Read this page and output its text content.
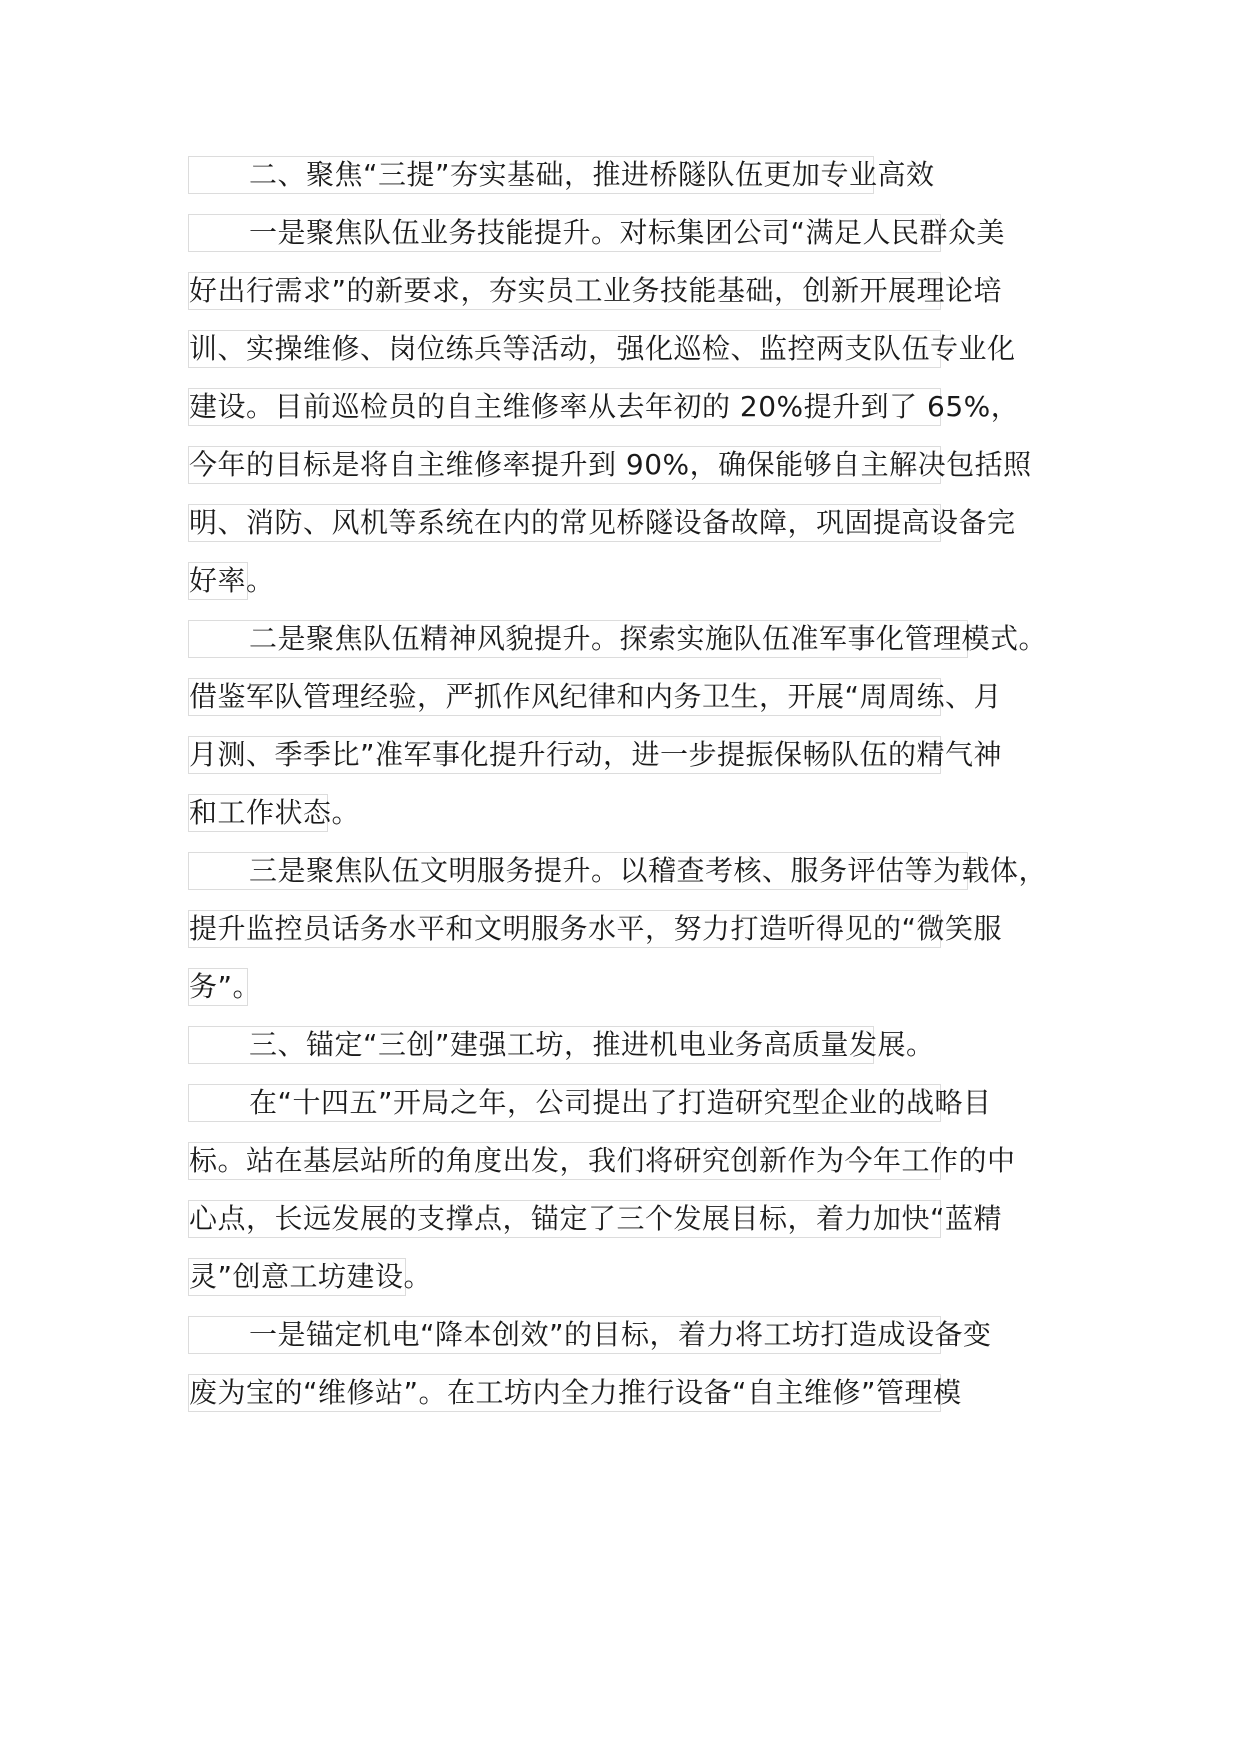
二、聚焦“三提”夯实基础，推进桥隧队伍更加专业高效
一是聚焦队伍业务技能提升。对标集团公司“满足人民群众美
好出行需求”的新要求，夯实员工业务技能基础，创新开展理论培
训、实操维修、岗位练兵等活动，强化巡检、监控两支队伍专业化
建设。目前巡检员的自主维修率从去年初的 20%提升到了 65%，
今年的目标是将自主维修率提升到 90%，确保能够自主解决包括照
明、消防、风机等系统在内的常见桥隧设备故障，巩固提高设备完
好率。
二是聚焦队伍精神风貌提升。探索实施队伍准军事化管理模式。
借鉴军队管理经验，严抓作风纪律和内务卫生，开展“周周练、月
月测、季季比”准军事化提升行动，进一步提振保畅队伍的精气神
和工作状态。
三是聚焦队伍文明服务提升。以稽查考核、服务评估等为载体，
提升监控员话务水平和文明服务水平，努力打造听得见的“微笑服
务”。
三、锚定“三创”建强工坊，推进机电业务高质量发展。
在“十四五”开局之年，公司提出了打造研究型企业的战略目
标。站在基层站所的角度出发，我们将研究创新作为今年工作的中
心点，长远发展的支撑点，锚定了三个发展目标，着力加快“蓝精
灵”创意工坊建设。
一是锚定机电“降本创效”的目标，着力将工坊打造成设备变
废为宝的“维修站”。在工坊内全力推行设备“自主维修”管理模
